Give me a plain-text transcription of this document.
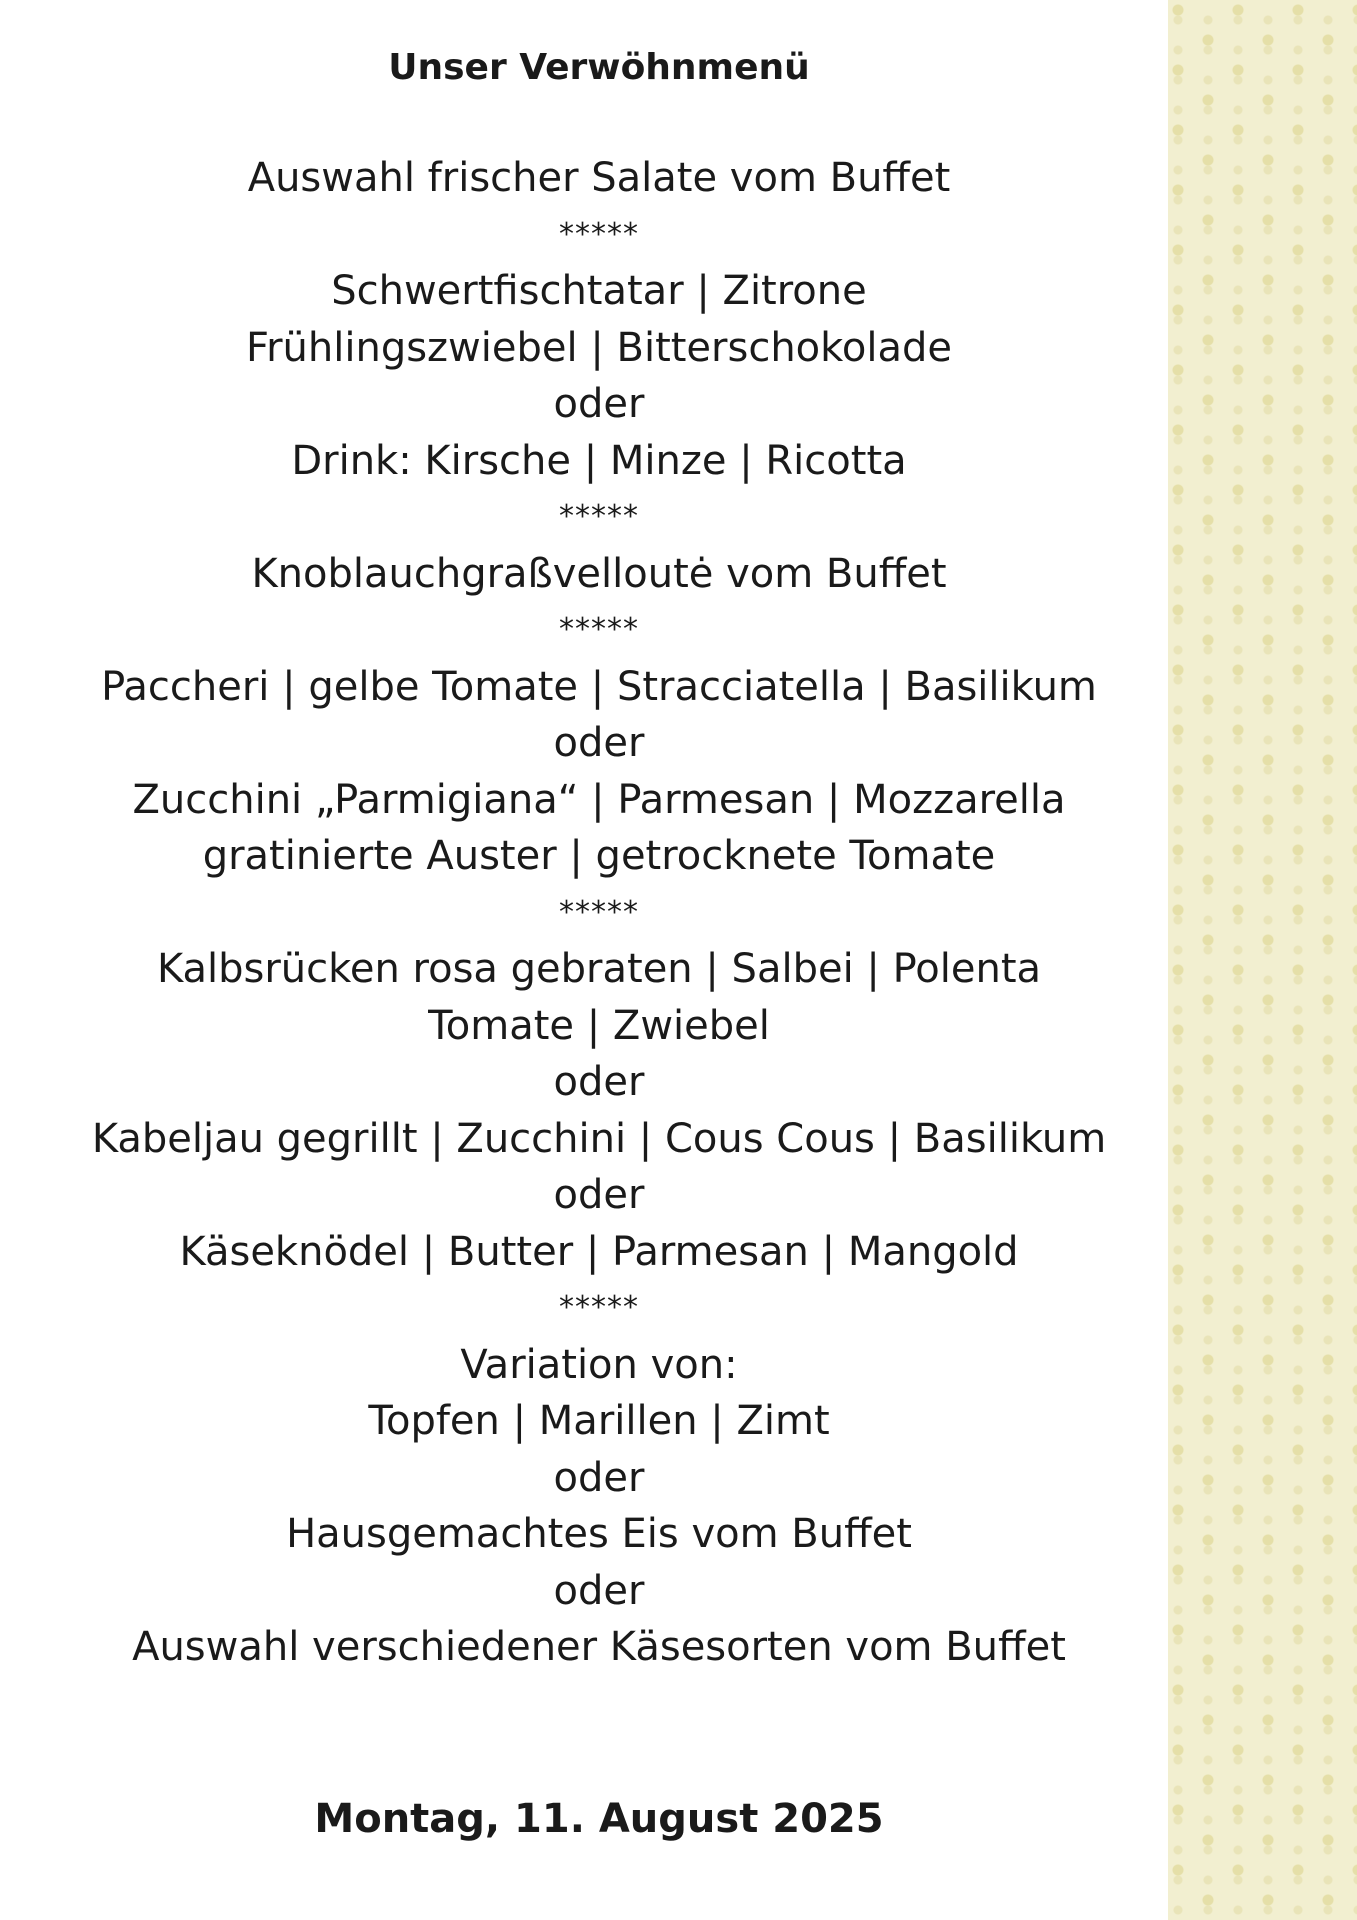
Unser Verwöhnmenü
Auswahl frischer Salate vom Buffet
*****
Schwertfischtatar | Zitrone
Frühlingszwiebel | Bitterschokolade
oder
Drink: Kirsche | Minze | Ricotta
*****
Knoblauchgraßvelloutė vom Buffet
*****
Paccheri | gelbe Tomate | Stracciatella | Basilikum
oder
Zucchini „Parmigiana“ | Parmesan | Mozzarella
gratinierte Auster | getrocknete Tomate
*****
Kalbsrücken rosa gebraten | Salbei | Polenta
Tomate | Zwiebel
oder
Kabeljau gegrillt | Zucchini | Cous Cous | Basilikum
oder
Käseknödel | Butter | Parmesan | Mangold
*****
Variation von:
Topfen | Marillen | Zimt
oder
Hausgemachtes Eis vom Buffet
oder
Auswahl verschiedener Käsesorten vom Buffet

Montag, 11. August 2025
